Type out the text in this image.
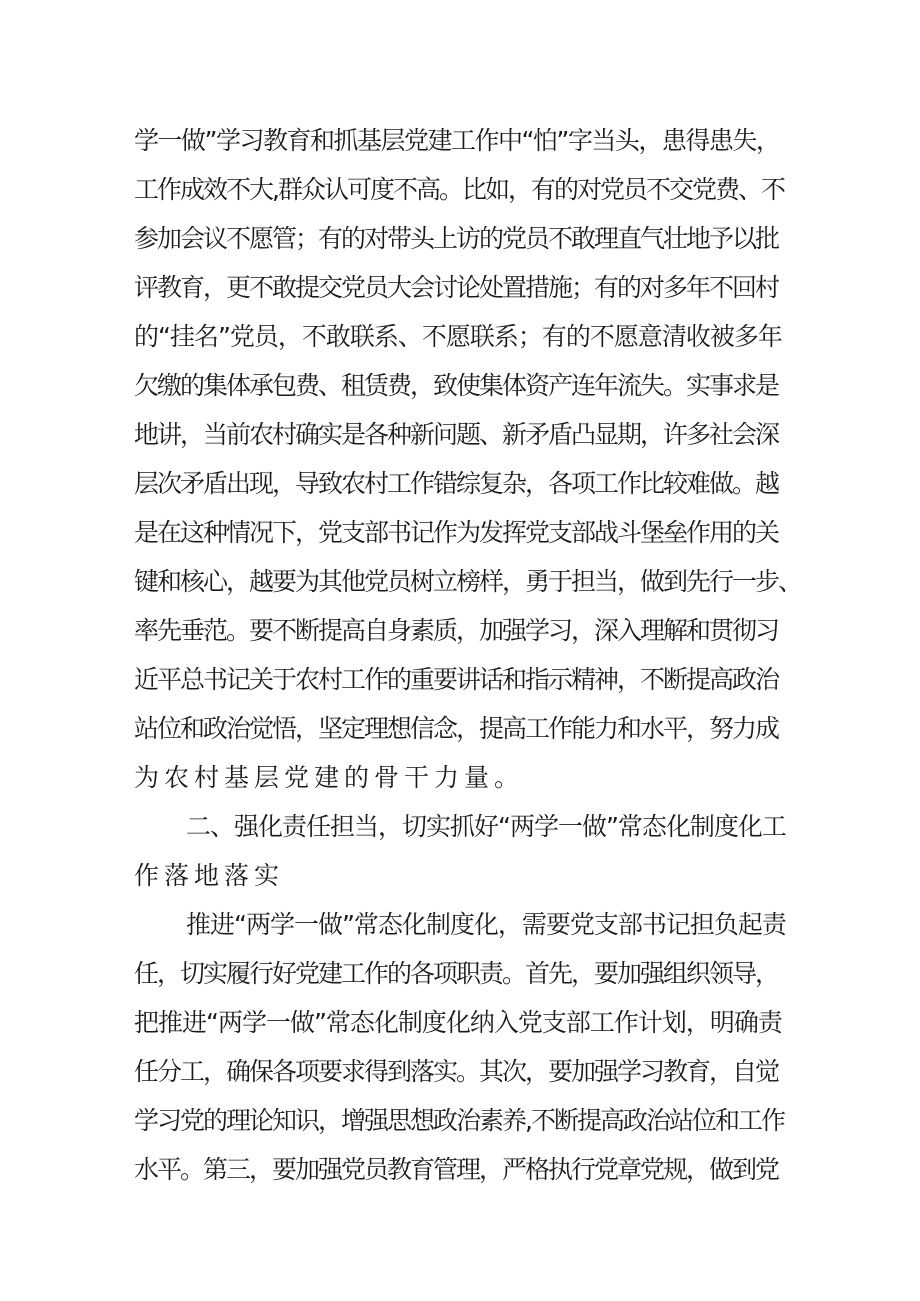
学一做”学习教育和抓基层党建工作中“怕”字当头，患得患失，
工作成效不大,群众认可度不高。比如，有的对党员不交党费、不
参加会议不愿管；有的对带头上访的党员不敢理直气壮地予以批
评教育，更不敢提交党员大会讨论处置措施；有的对多年不回村
的“挂名”党员，不敢联系、不愿联系；有的不愿意清收被多年
欠缴的集体承包费、租赁费，致使集体资产连年流失。实事求是
地讲，当前农村确实是各种新问题、新矛盾凸显期，许多社会深
层次矛盾出现，导致农村工作错综复杂，各项工作比较难做。越
是在这种情况下，党支部书记作为发挥党支部战斗堡垒作用的关
键和核心，越要为其他党员树立榜样，勇于担当，做到先行一步、
率先垂范。要不断提高自身素质，加强学习，深入理解和贯彻习
近平总书记关于农村工作的重要讲话和指示精神，不断提高政治
站位和政治觉悟，坚定理想信念，提高工作能力和水平，努力成
为农村基层党建的骨干力量。
二、强化责任担当，切实抓好“两学一做”常态化制度化工
作落地落实
推进“两学一做”常态化制度化，需要党支部书记担负起责
任，切实履行好党建工作的各项职责。首先，要加强组织领导，
把推进“两学一做”常态化制度化纳入党支部工作计划，明确责
任分工，确保各项要求得到落实。其次，要加强学习教育，自觉
学习党的理论知识，增强思想政治素养,不断提高政治站位和工作
水平。第三，要加强党员教育管理，严格执行党章党规，做到党
